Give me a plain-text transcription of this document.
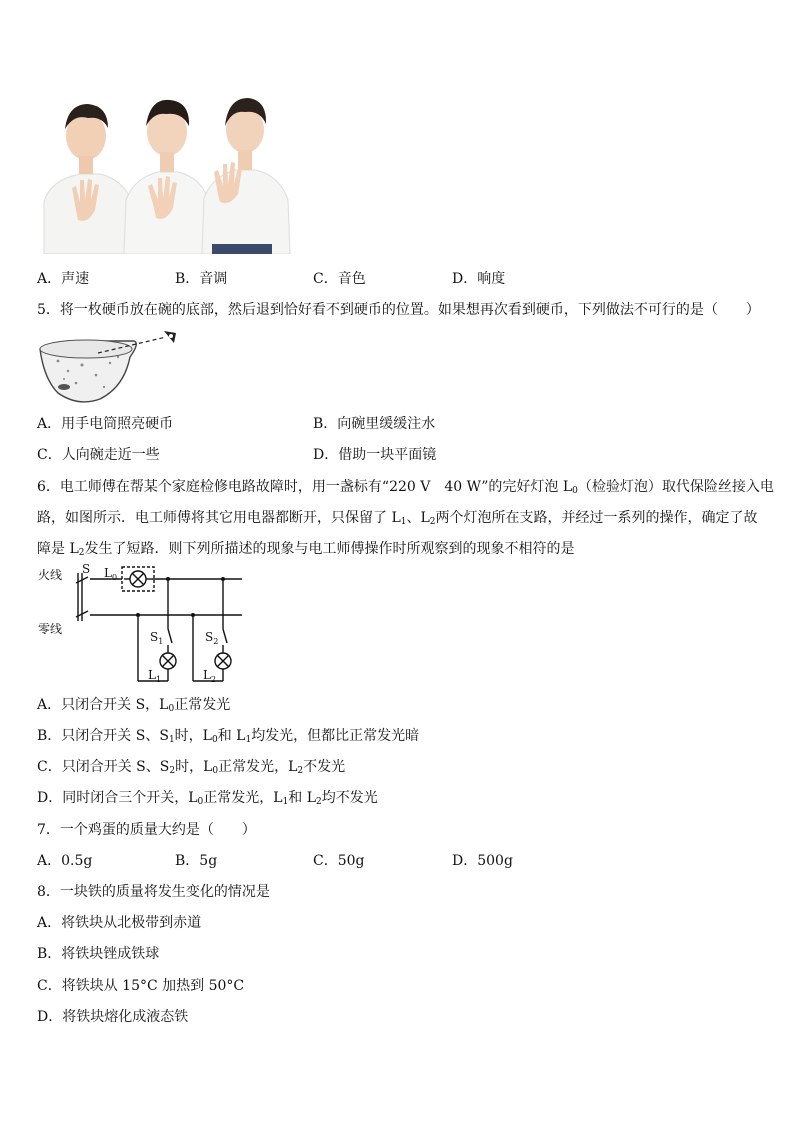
A．声速	B．音调	C．音色	D．响度
5．将一枚硬币放在碗的底部，然后退到恰好看不到硬币的位置。如果想再次看到硬币，下列做法不可行的是（　　）
A．用手电筒照亮硬币	B．向碗里缓缓注水
C．人向碗走近一些	D．借助一块平面镜
6．电工师傅在帮某个家庭检修电路故障时，用一盏标有“220 V　40 W”的完好灯泡 $L_0$（检验灯泡）取代保险丝接入电
路，如图所示．电工师傅将其它用电器都断开，只保留了 $L_1$、$L_2$两个灯泡所在支路，并经过一系列的操作，确定了故
障是 $L_2$发生了短路．则下列所描述的现象与电工师傅操作时所观察到的现象不相符的是
火线
零线
S $L_0$
$S_1$	$S_2$
$L_1$	$L_2$
A．只闭合开关 S，$L_0$正常发光
B．只闭合开关 S、$S_1$时，$L_0$和 $L_1$均发光，但都比正常发光暗
C．只闭合开关 S、$S_2$时，$L_0$正常发光，$L_2$不发光
D．同时闭合三个开关，$L_0$正常发光，$L_1$和 $L_2$均不发光
7．一个鸡蛋的质量大约是（　　）
A．0.5g	B．5g	C．50g	D．500g
8．一块铁的质量将发生变化的情况是
A．将铁块从北极带到赤道
B．将铁块锉成铁球
C．将铁块从 15°C 加热到 50°C
D．将铁块熔化成液态铁
